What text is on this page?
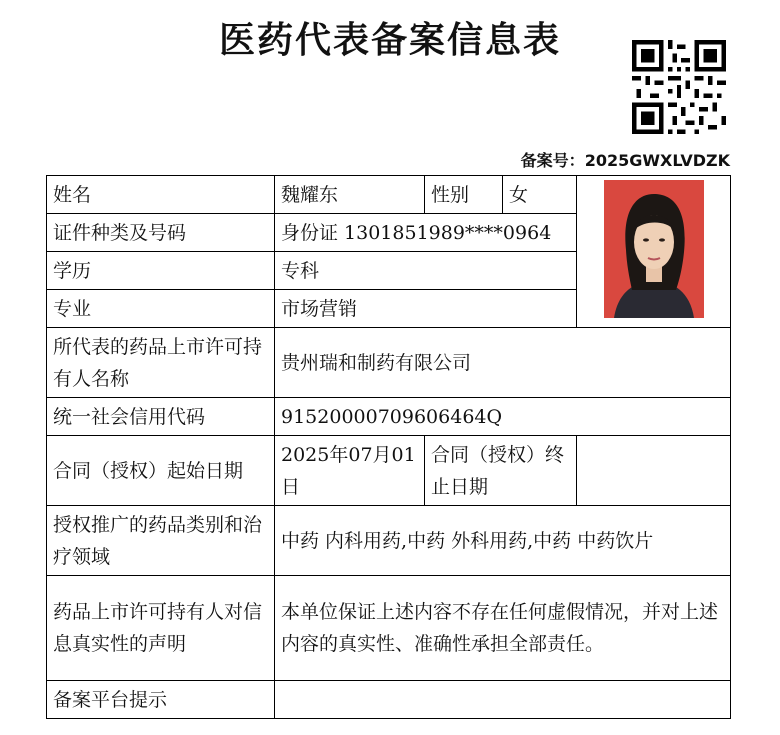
医药代表备案信息表
备案号：2025GWXLVDZK
姓名	魏耀东	性别	女	

证件种类及号码	身份证 1301851989****0964			
学历	专科			
专业	市场营销			
所代表的药品上市许可持有人名称	贵州瑞和制药有限公司			
统一社会信用代码	91520000709606464Q			
合同（授权）起始日期	2025年07月01日	合同（授权）终止日期		
授权推广的药品类别和治疗领域	中药 内科用药,中药 外科用药,中药 中药饮片			
药品上市许可持有人对信息真实性的声明	本单位保证上述内容不存在任何虚假情况，并对上述内容的真实性、准确性承担全部责任。			
备案平台提示				
